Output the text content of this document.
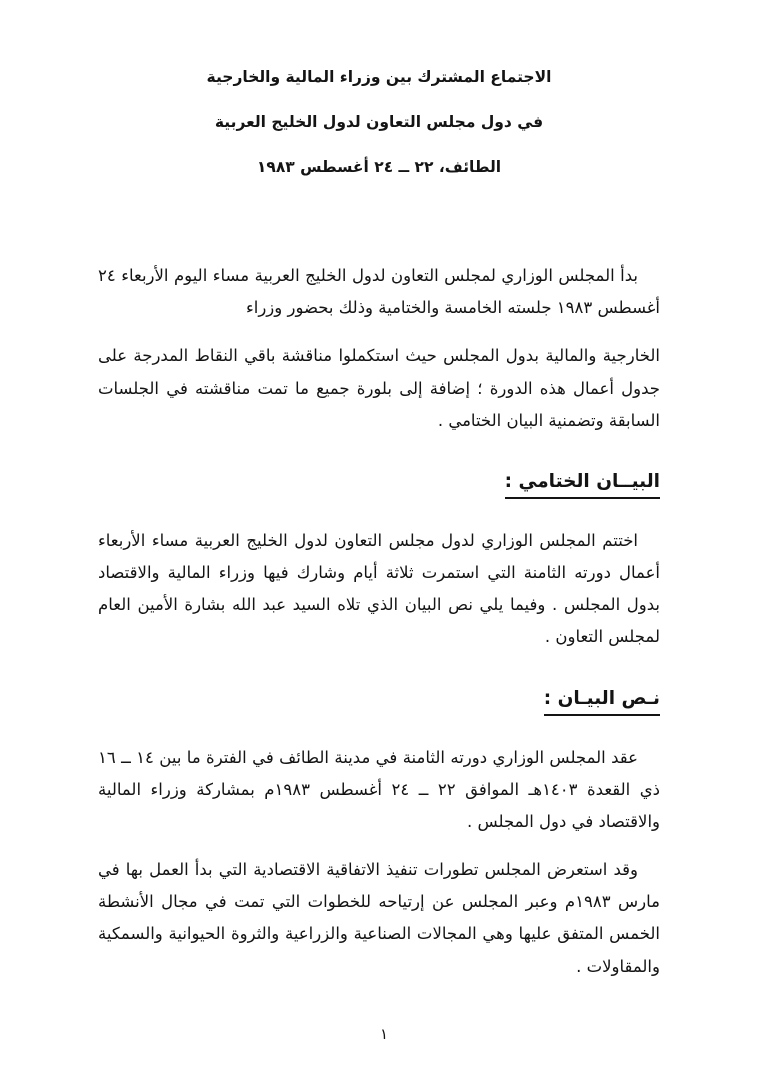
الاجتماع المشترك بين وزراء المالية والخارجية

في دول مجلس التعاون لدول الخليج العربية

الطائف، ٢٢ ــ ٢٤ أغسطس ١٩٨٣

بدأ المجلس الوزاري لمجلس التعاون لدول الخليج العربية مساء اليوم الأربعاء ٢٤ أغسطس ١٩٨٣ جلسته الخامسة والختامية وذلك بحضور وزراء

الخارجية والمالية بدول المجلس حيث استكملوا مناقشة باقي النقاط المدرجة على جدول أعمال هذه الدورة ؛ إضافة إلى بلورة جميع ما تمت مناقشته في الجلسات السابقة وتضمنية البيان الختامي .

البيــان الختامي :

اختتم المجلس الوزاري لدول مجلس التعاون لدول الخليج العربية مساء الأربعاء أعمال دورته الثامنة التي استمرت ثلاثة أيام وشارك فيها وزراء المالية والاقتصاد بدول المجلس . وفيما يلي نص البيان الذي تلاه السيد عبد الله بشارة الأمين العام لمجلس التعاون .

نـص البيـان :

عقد المجلس الوزاري دورته الثامنة في مدينة الطائف في الفترة ما بين ١٤ ــ ١٦ ذي القعدة ١٤٠٣هـ الموافق ٢٢ ــ ٢٤ أغسطس ١٩٨٣م بمشاركة وزراء المالية والاقتصاد في دول المجلس .

وقد استعرض المجلس تطورات تنفيذ الاتفاقية الاقتصادية التي بدأ العمل بها في مارس ١٩٨٣م وعبر المجلس عن إرتياحه للخطوات التي تمت في مجال الأنشطة الخمس المتفق عليها وهي المجالات الصناعية والزراعية والثروة الحيوانية والسمكية والمقاولات .

١
